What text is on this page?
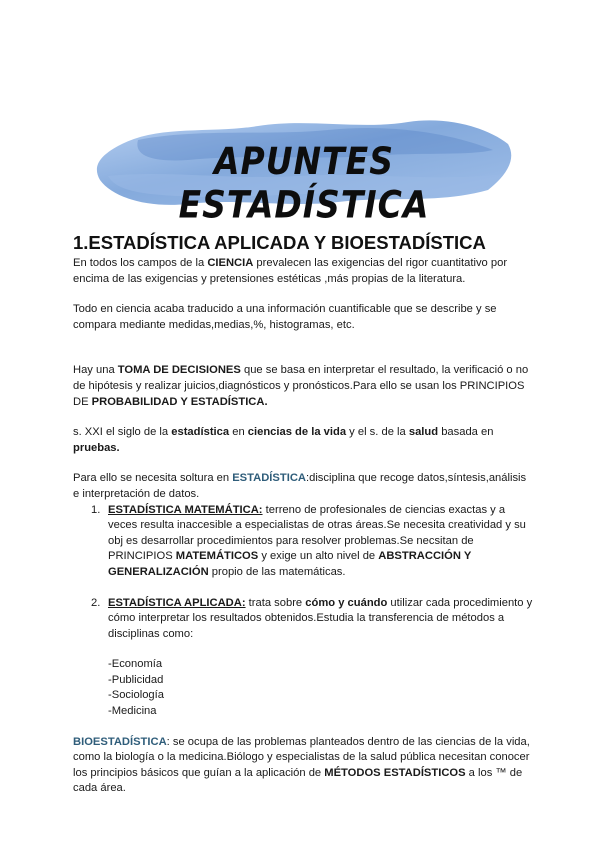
APUNTES ESTADÍSTICA
1.ESTADÍSTICA APLICADA Y BIOESTADÍSTICA

En todos los campos de la CIENCIA prevalecen las exigencias del rigor cuantitativo por encima de las exigencias y pretensiones estéticas ,más propias de la literatura.

Todo en ciencia acaba traducido a una información cuantificable que se describe y se compara mediante medidas,medias,%, histogramas, etc.

Hay una TOMA DE DECISIONES que se basa en interpretar el resultado, la verificació o no de hipótesis y realizar juicios,diagnósticos y pronósticos.Para ello se usan los PRINCIPIOS DE PROBABILIDAD Y ESTADÍSTICA.

s. XXI el siglo de la estadística en ciencias de la vida y el s. de la salud basada en pruebas.

Para ello se necesita soltura en ESTADÍSTICA:disciplina que recoge datos,síntesis,análisis e interpretación de datos.

1. ESTADÍSTICA MATEMÁTICA: terreno de profesionales de ciencias exactas y a veces resulta inaccesible a especialistas de otras áreas.Se necesita creatividad y su obj es desarrollar procedimientos para resolver problemas.Se necsitan de PRINCIPIOS MATEMÁTICOS y exige un alto nivel de ABSTRACCIÓN Y GENERALIZACIÓN propio de las matemáticas.
2. ESTADÍSTICA APLICADA: trata sobre cómo y cuándo utilizar cada procedimiento y cómo interpretar los resultados obtenidos.Estudia la transferencia de métodos a disciplinas como:
-Economía
-Publicidad
-Sociología
-Medicina

BIOESTADÍSTICA: se ocupa de las problemas planteados dentro de las ciencias de la vida, como la biología o la medicina.Biólogo y especialistas de la salud pública necesitan conocer los principios básicos que guían a la aplicación de MÉTODOS ESTADÍSTICOS a los ™ de cada área.
